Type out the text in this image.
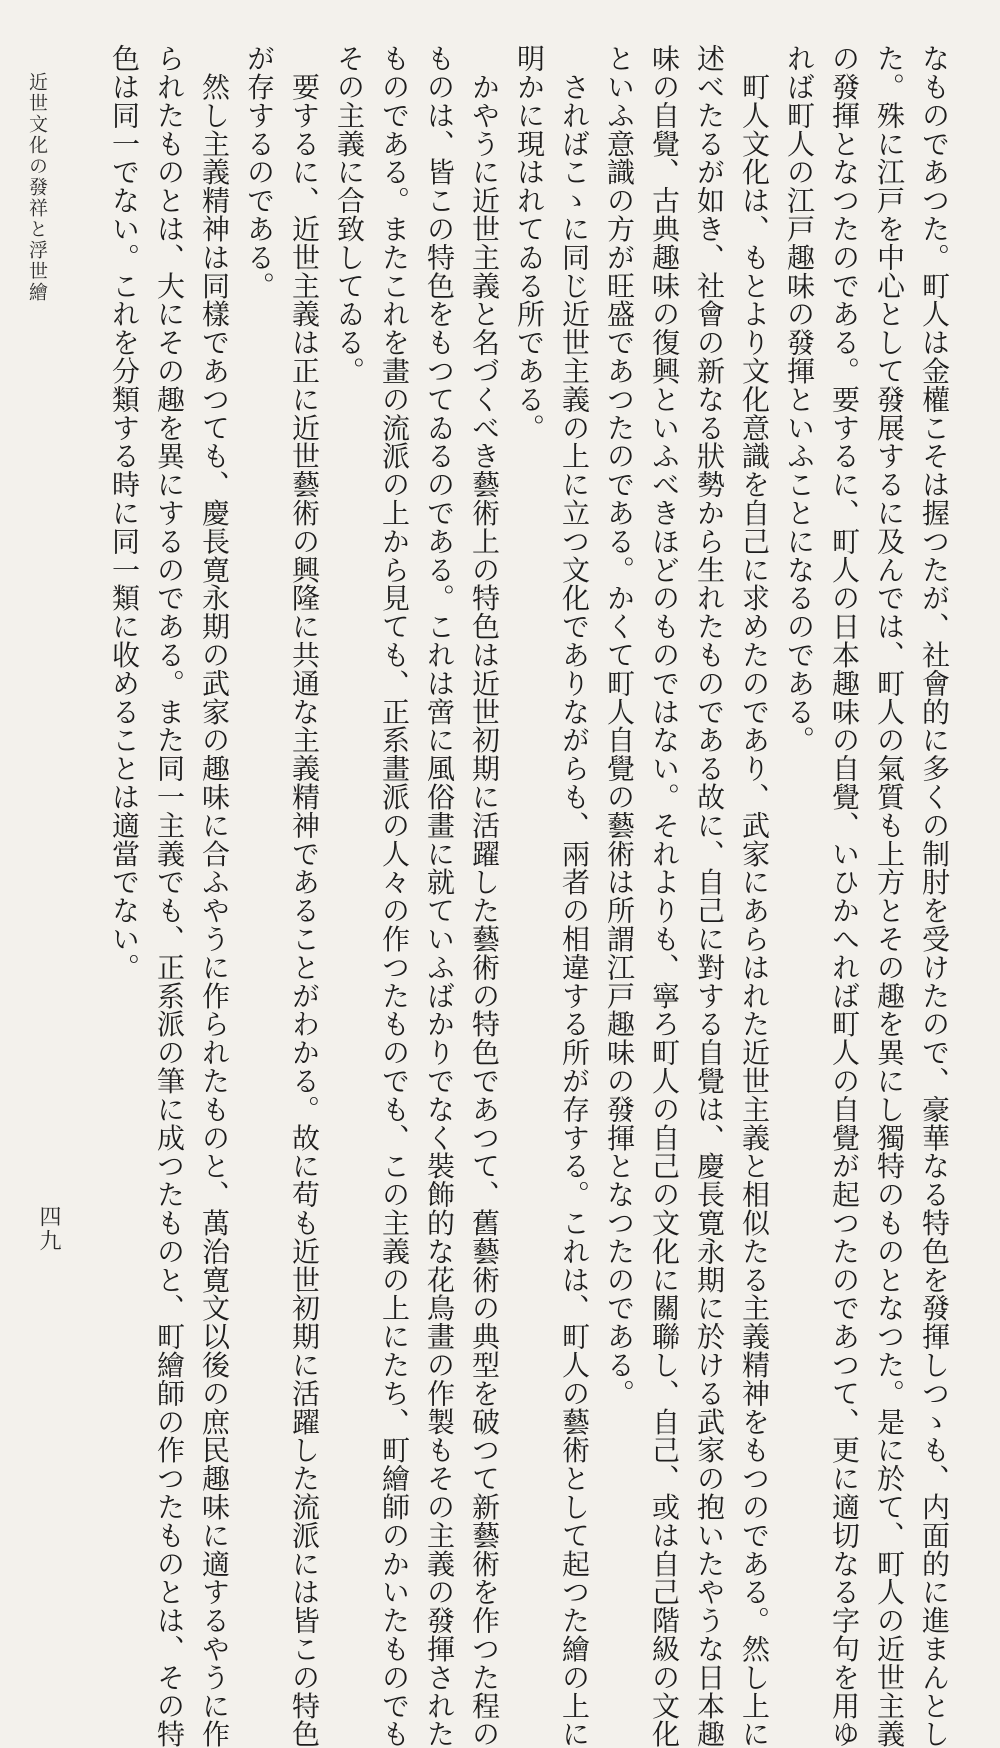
なものであつた。町人は金權こそは握つたが、社會的に多くの制肘を受けたので、豪華なる特色を發揮しつゝも、内面的に進まんとし

た。殊に江戸を中心として發展するに及んでは、町人の氣質も上方とその趣を異にし獨特のものとなつた。是に於て、町人の近世主義

の發揮となつたのである。要するに、町人の日本趣味の自覺、いひかへれば町人の自覺が起つたのであつて、更に適切なる字句を用ゆ

れば町人の江戸趣味の發揮といふことになるのである。

　町人文化は、もとより文化意識を自己に求めたのであり、武家にあらはれた近世主義と相似たる主義精神をもつのである。然し上に

述べたるが如き、社會の新なる狀勢から生れたものである故に、自己に對する自覺は、慶長寛永期に於ける武家の抱いたやうな日本趣

味の自覺、古典趣味の復興といふべきほどのものではない。それよりも、寧ろ町人の自己の文化に關聯し、自己、或は自己階級の文化

といふ意識の方が旺盛であつたのである。かくて町人自覺の藝術は所謂江戸趣味の發揮となつたのである。

　さればこゝに同じ近世主義の上に立つ文化でありながらも、兩者の相違する所が存する。これは、町人の藝術として起つた繪の上に

明かに現はれてゐる所である。

　かやうに近世主義と名づくべき藝術上の特色は近世初期に活躍した藝術の特色であつて、舊藝術の典型を破つて新藝術を作つた程の

ものは、皆この特色をもつてゐるのである。これは啻に風俗畫に就ていふばかりでなく裝飾的な花鳥畫の作製もその主義の發揮された

ものである。またこれを畫の流派の上から見ても、正系畫派の人々の作つたものでも、この主義の上にたち、町繪師のかいたものでも

その主義に合致してゐる。

　要するに、近世主義は正に近世藝術の興隆に共通な主義精神であることがわかる。故に苟も近世初期に活躍した流派には皆この特色

が存するのである。

　然し主義精神は同樣であつても、慶長寛永期の武家の趣味に合ふやうに作られたものと、萬治寛文以後の庶民趣味に適するやうに作

られたものとは、大にその趣を異にするのである。また同一主義でも、正系派の筆に成つたものと、町繪師の作つたものとは、その特

色は同一でない。これを分類する時に同一類に收めることは適當でない。

近世文化の發祥と浮世繪
四九
